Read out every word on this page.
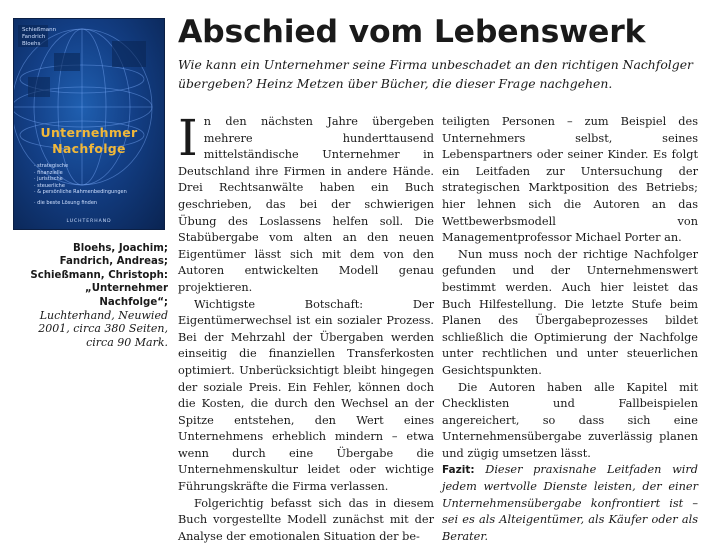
Schießmann
Fandrich
Bloehs
Unternehmer
Nachfolge
· strategische
· finanzielle
· juristische
· steuerliche
· & persönliche Rahmenbedingungen
· die beste Lösung finden
LUCHTERHAND
Bloehs, Joachim; Fandrich, Andreas; Schießmann, Christoph:
„Unternehmer Nachfolge“;
Luchterhand, Neuwied 2001, circa 380 Seiten, circa 90 Mark.
Abschied vom Lebenswerk
Wie kann ein Unternehmer seine Firma unbeschadet an den richtigen Nachfolger übergeben? Heinz Metzen über Bücher, die dieser Frage nachgehen.

In den nächsten Jahre übergeben mehrere hunderttausend mittelständische Unternehmer in Deutschland ihre Firmen in andere Hände. Drei Rechtsanwälte haben ein Buch geschrieben, das bei der schwierigen Übung des Loslassens helfen soll. Die Stabübergabe vom alten an den neuen Eigentümer lässt sich mit dem von den Autoren entwickelten Modell genau projektieren.

Wichtigste Botschaft: Der Eigentümerwechsel ist ein sozialer Prozess. Bei der Mehrzahl der Übergaben werden einseitig die finanziellen Transferkosten optimiert. Unberücksichtigt bleibt hingegen der soziale Preis. Ein Fehler, können doch die Kosten, die durch den Wechsel an der Spitze entstehen, den Wert eines Unternehmens erheblich mindern – etwa wenn durch eine Übergabe die Unternehmenskultur leidet oder wichtige Führungskräfte die Firma verlassen.

Folgerichtig befasst sich das in diesem Buch vorgestellte Modell zunächst mit der Analyse der emotionalen Situation der be-

teiligten Personen – zum Beispiel des Unternehmers selbst, seines Lebenspartners oder seiner Kinder. Es folgt ein Leitfaden zur Untersuchung der strategischen Marktposition des Betriebs; hier lehnen sich die Autoren an das Wettbewerbsmodell von Managementprofessor Michael Porter an.

Nun muss noch der richtige Nachfolger gefunden und der Unternehmenswert bestimmt werden. Auch hier leistet das Buch Hilfestellung. Die letzte Stufe beim Planen des Übergabeprozesses bildet schließlich die Optimierung der Nachfolge unter rechtlichen und unter steuerlichen Gesichtspunkten.

Die Autoren haben alle Kapitel mit Checklisten und Fallbeispielen angereichert, so dass sich eine Unternehmensübergabe zuverlässig planen und zügig umsetzen lässt.

Fazit: Dieser praxisnahe Leitfaden wird jedem wertvolle Dienste leisten, der einer Unternehmensübergabe konfrontiert ist – sei es als Alteigentümer, als Käufer oder als Berater.
